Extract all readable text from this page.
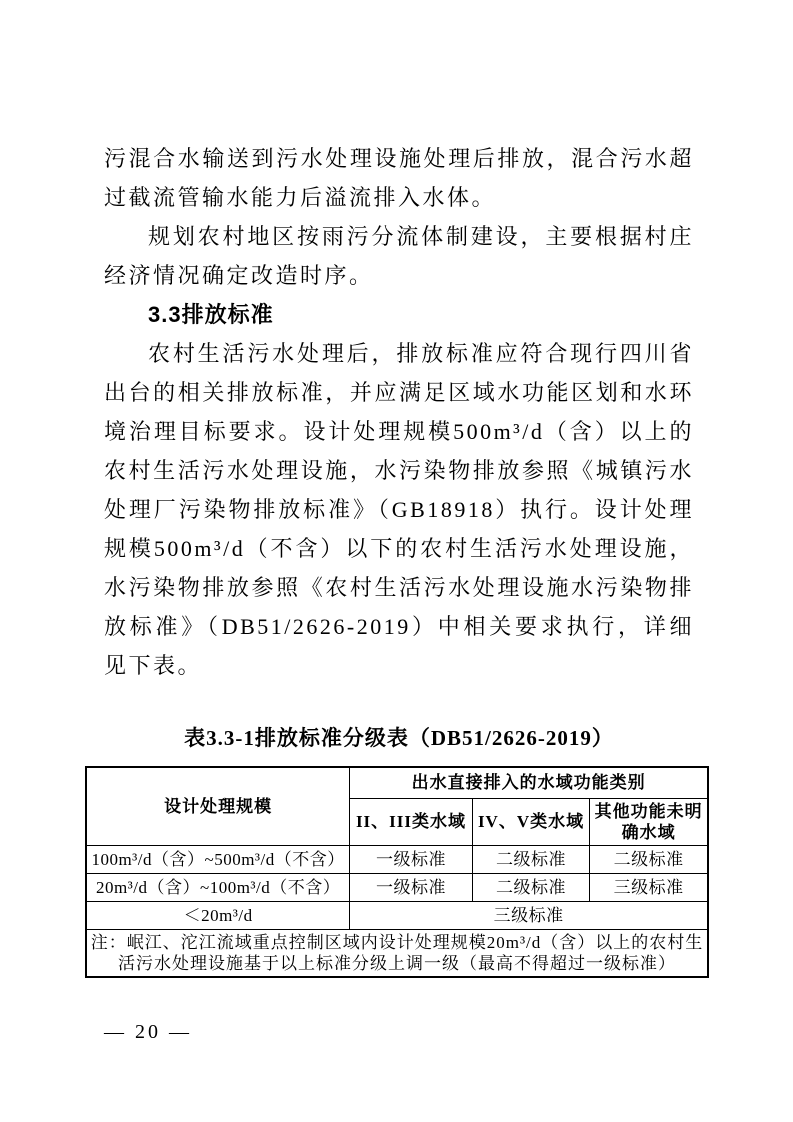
污混合水输送到污水处理设施处理后排放，混合污水超过截流管输水能力后溢流排入水体。

规划农村地区按雨污分流体制建设，主要根据村庄经济情况确定改造时序。

3.3排放标准

农村生活污水处理后，排放标准应符合现行四川省出台的相关排放标准，并应满足区域水功能区划和水环境治理目标要求。设计处理规模500m³/d（含）以上的农村生活污水处理设施，水污染物排放参照《城镇污水处理厂污染物排放标准》（GB18918）执行。设计处理规模500m³/d（不含）以下的农村生活污水处理设施，水污染物排放参照《农村生活污水处理设施水污染物排放标准》（DB51/2626-2019）中相关要求执行，详细见下表。

表3.3-1排放标准分级表（DB51/2626-2019）
设计处理规模	出水直接排入的水域功能类别		
	II、III类水域	IV、V类水域	其他功能未明确水域
100m³/d（含）~500m³/d（不含）	一级标准	二级标准	二级标准
20m³/d（含）~100m³/d（不含）	一级标准	二级标准	三级标准
＜20m³/d	三级标准		
注：岷江、沱江流域重点控制区域内设计处理规模20m³/d（含）以上的农村生活污水处理设施基于以上标准分级上调一级（最高不得超过一级标准）			
— 20 —
